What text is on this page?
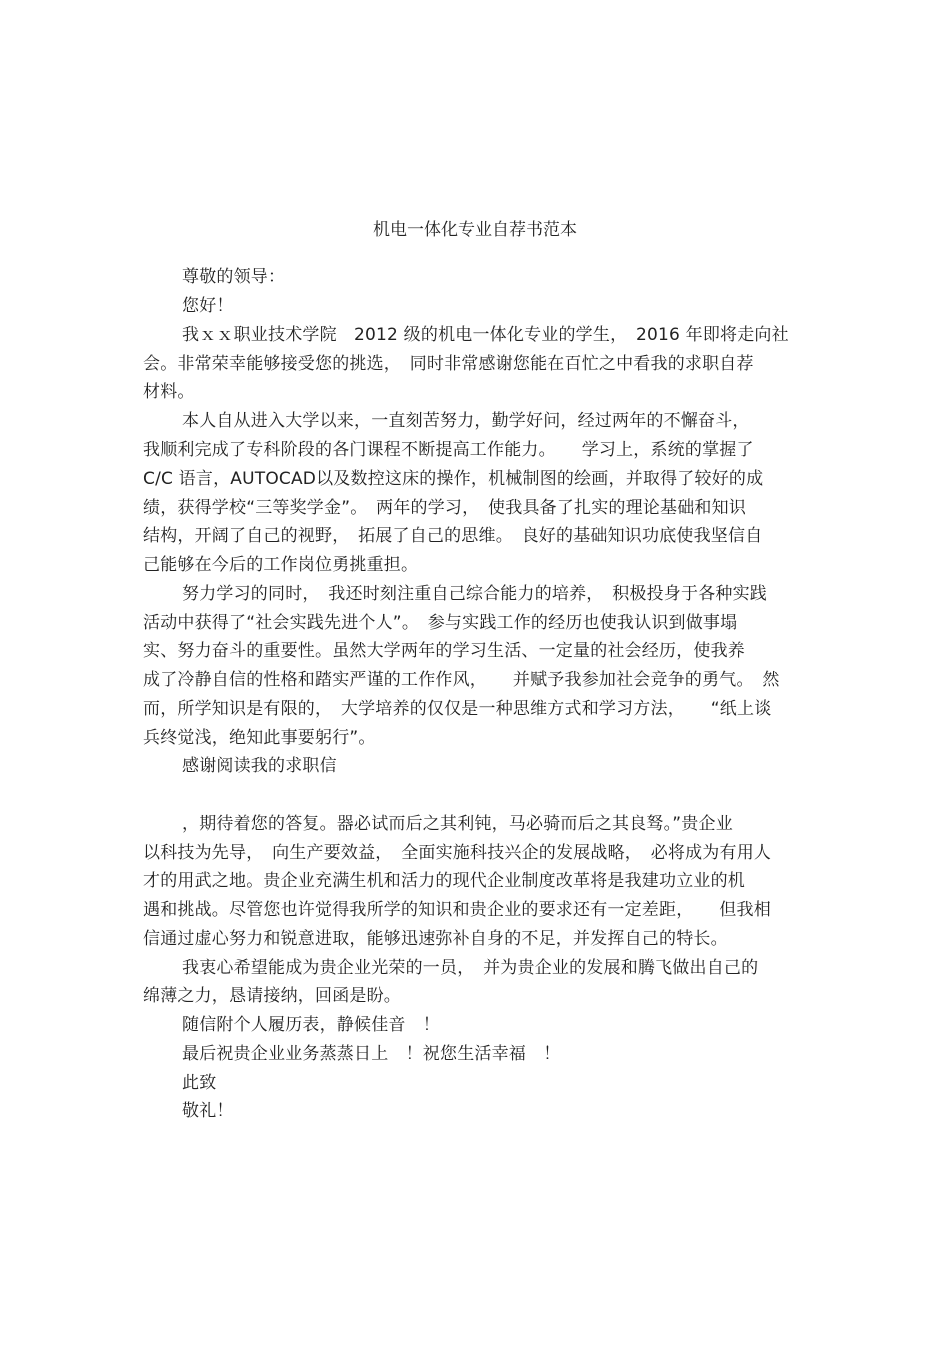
机电一体化专业自荐书范本
尊敬的领导：
您好！
我ｘｘ职业技术学院　2012 级的机电一体化专业的学生，　2016 年即将走向社
会。非常荣幸能够接受您的挑选，　同时非常感谢您能在百忙之中看我的求职自荐
材料。
本人自从进入大学以来，一直刻苦努力，勤学好问，经过两年的不懈奋斗，
我顺利完成了专科阶段的各门课程不断提高工作能力。　　学习上，系统的掌握了
C/C 语言，AUTOCAD以及数控这床的操作，机械制图的绘画，并取得了较好的成
绩，获得学校“三等奖学金”。　两年的学习，　使我具备了扎实的理论基础和知识
结构，开阔了自己的视野，　拓展了自己的思维。　良好的基础知识功底使我坚信自
己能够在今后的工作岗位勇挑重担。
努力学习的同时，　我还时刻注重自己综合能力的培养，　积极投身于各种实践
活动中获得了“社会实践先进个人”。　参与实践工作的经历也使我认识到做事塌
实、努力奋斗的重要性。虽然大学两年的学习生活、一定量的社会经历，使我养
成了冷静自信的性格和踏实严谨的工作作风，　　并赋予我参加社会竞争的勇气。　然
而，所学知识是有限的，　大学培养的仅仅是一种思维方式和学习方法，　　“纸上谈
兵终觉浅，绝知此事要躬行”。
感谢阅读我的求职信
，期待着您的答复。器必试而后之其利钝，马必骑而后之其良驽。”贵企业
以科技为先导，　向生产要效益，　全面实施科技兴企的发展战略，　必将成为有用人
才的用武之地。贵企业充满生机和活力的现代企业制度改革将是我建功立业的机
遇和挑战。尽管您也许觉得我所学的知识和贵企业的要求还有一定差距，　　但我相
信通过虚心努力和锐意进取，能够迅速弥补自身的不足，并发挥自己的特长。
我衷心希望能成为贵企业光荣的一员，　并为贵企业的发展和腾飞做出自己的
绵薄之力，恳请接纳，回函是盼。
随信附个人履历表，静候佳音　！
最后祝贵企业业务蒸蒸日上　！祝您生活幸福　！
此致
敬礼！
